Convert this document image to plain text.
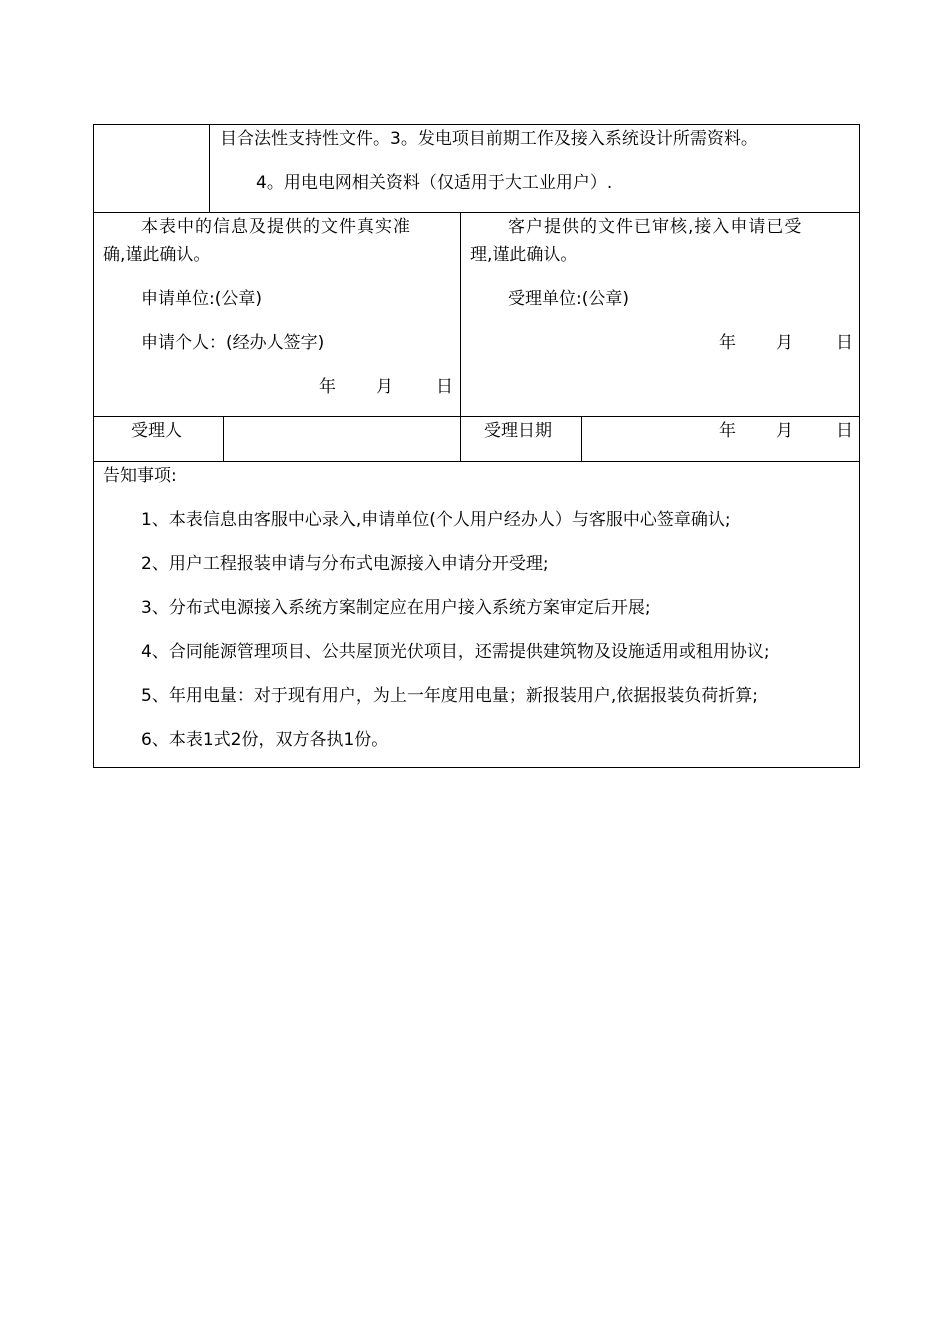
目合法性支持性文件。3。发电项目前期工作及接入系统设计所需资料。
4。用电电网相关资料（仅适用于大工业用户）.
本表中的信息及提供的文件真实准
确,谨此确认。
申请单位:(公章)
申请个人：(经办人签字)
年 月	日
客户提供的文件已审核,接入申请已受
理,谨此确认。
受理单位:(公章)
年 月	日
受理人	受理日期	年 月	日
告知事项:
1、本表信息由客服中心录入,申请单位(个人用户经办人）与客服中心签章确认;
2、用户工程报装申请与分布式电源接入申请分开受理;
3、分布式电源接入系统方案制定应在用户接入系统方案审定后开展;
4、合同能源管理项目、公共屋顶光伏项目，还需提供建筑物及设施适用或租用协议;
5、年用电量：对于现有用户，为上一年度用电量；新报装用户,依据报装负荷折算;
6、本表1式2份，双方各执1份。
